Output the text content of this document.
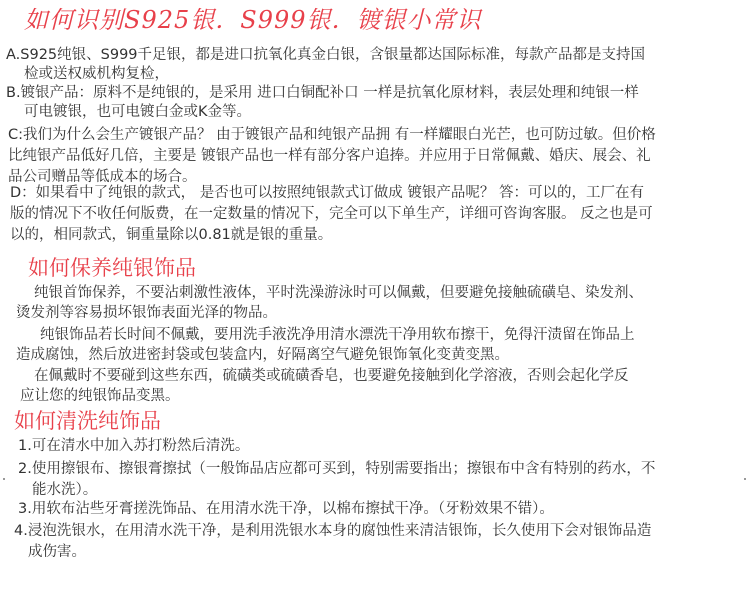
如何识别S925银．S999银．镀银小常识
A.S925纯银、S999千足银，都是进口抗氧化真金白银，含银量都达国际标准，每款产品都是支持国
检或送权威机构复检，
B.镀银产品：原料不是纯银的，是采用 进口白铜配补口 一样是抗氧化原材料，表层处理和纯银一样
可电镀银，也可电镀白金或K金等。
C:我们为什么会生产镀银产品？ 由于镀银产品和纯银产品拥 有一样耀眼白光芒，也可防过敏。但价格
比纯银产品低好几倍，主要是 镀银产品也一样有部分客户追捧。并应用于日常佩戴、婚庆、展会、礼
品公司赠品等低成本的场合。
D：如果看中了纯银的款式， 是否也可以按照纯银款式订做成 镀银产品呢？ 答：可以的，工厂在有
版的情况下不收任何版费，在一定数量的情况下，完全可以下单生产，详细可咨询客服。 反之也是可
以的，相同款式，铜重量除以0.81就是银的重量。
如何保养纯银饰品
纯银首饰保养，不要沾刺激性液体，平时洗澡游泳时可以佩戴，但要避免接触硫磺皂、染发剂、
烫发剂等容易损坏银饰表面光泽的物品。
纯银饰品若长时间不佩戴，要用洗手液洗净用清水漂洗干净用软布擦干，免得汗渍留在饰品上
造成腐蚀，然后放进密封袋或包装盒内，好隔离空气避免银饰氧化变黄变黑。
在佩戴时不要碰到这些东西，硫磺类或硫磺香皂，也要避免接触到化学溶液，否则会起化学反
应让您的纯银饰品变黑。
如何清洗纯饰品
1.可在清水中加入苏打粉然后清洗。
2.使用擦银布、擦银膏擦拭（一般饰品店应都可买到，特别需要指出；擦银布中含有特别的药水，不
能水洗）。
3.用软布沾些牙膏搓洗饰品、在用清水洗干净，以棉布擦拭干净。（牙粉效果不错）。
4.浸泡洗银水，在用清水洗干净，是利用洗银水本身的腐蚀性来清洁银饰，长久使用下会对银饰品造
成伤害。
